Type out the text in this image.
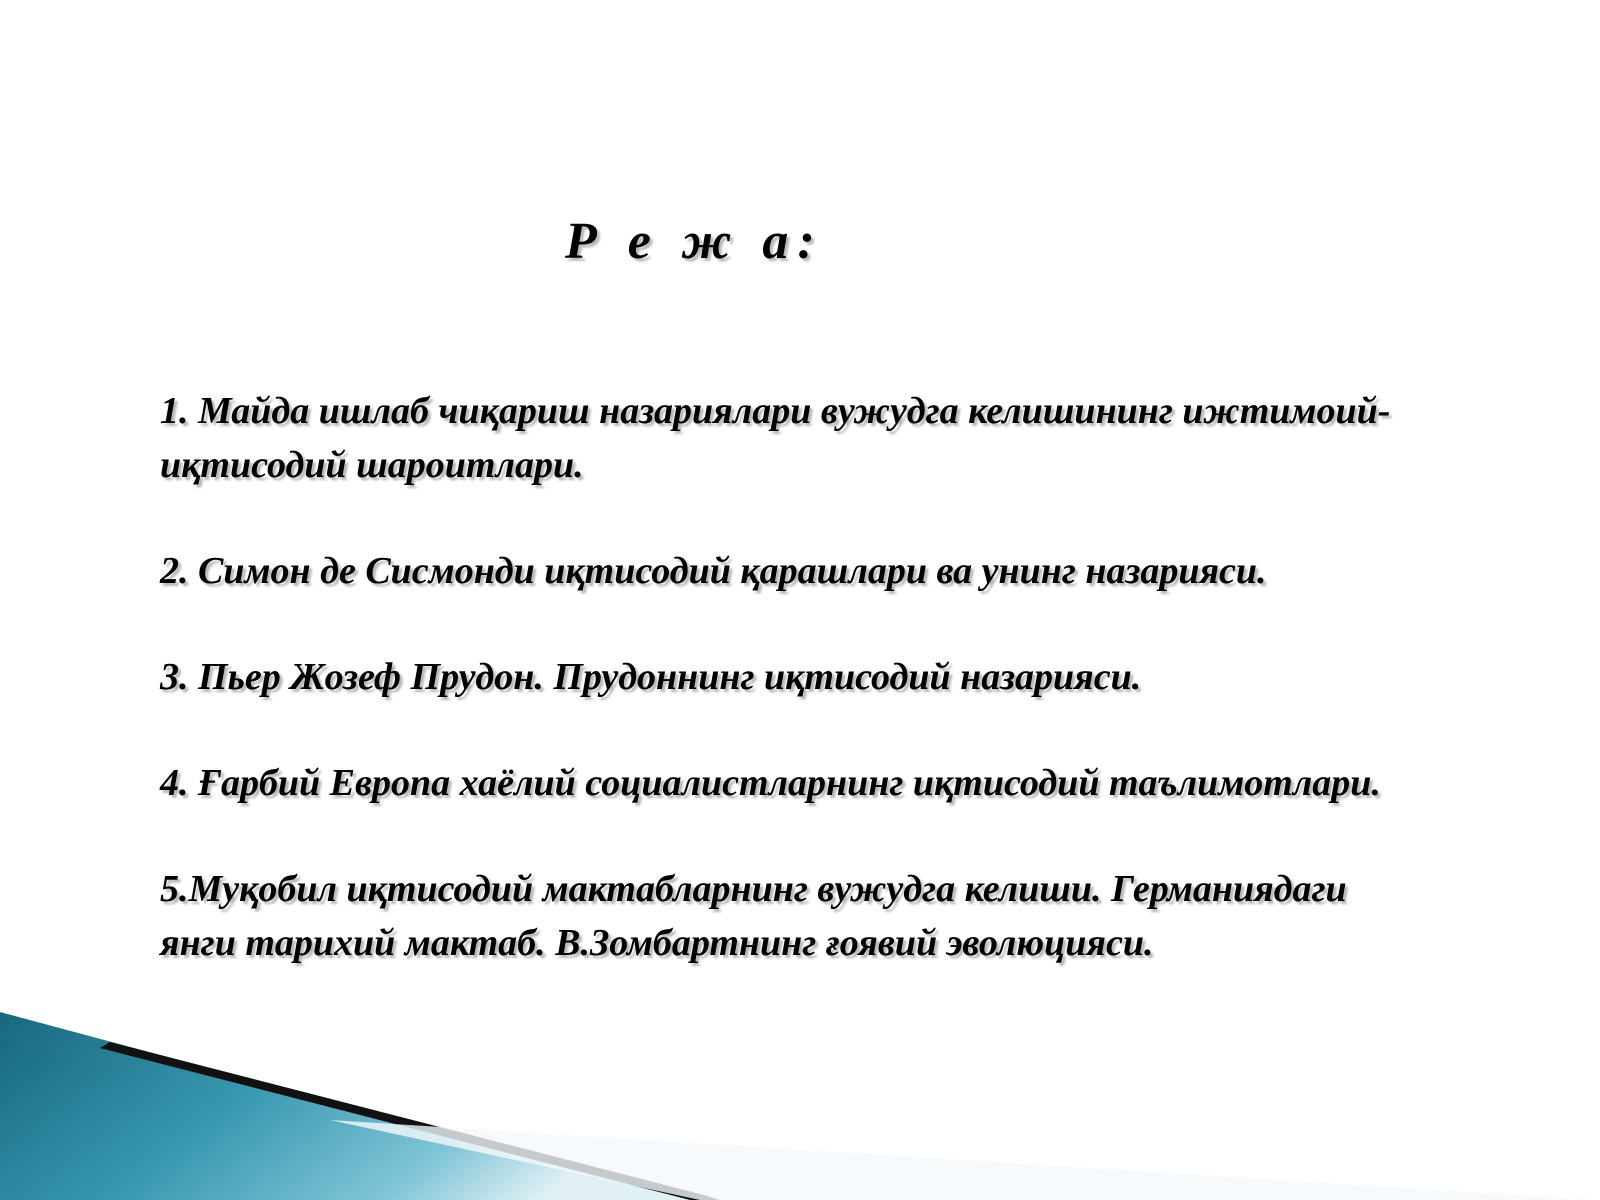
Р е ж а:
1. Майда ишлаб чиқариш назариялари вужудга келишининг ижтимоий-иқтисодий шароитлари.
2. Симон де Сисмонди иқтисодий қарашлари ва унинг назарияси.
3. Пьер Жозеф Прудон. Прудоннинг иқтисодий назарияси.
4. Ғарбий Европа хаёлий социалистларнинг иқтисодий таълимотлари.
5.Муқобил иқтисодий мактабларнинг вужудга келиши. Германиядаги янги тарихий мактаб. В.Зомбартнинг ғоявий эволюцияси.
